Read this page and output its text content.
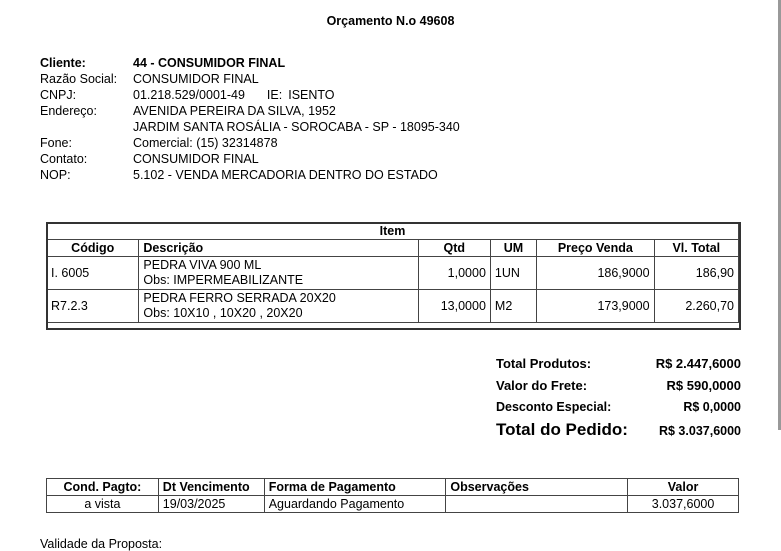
Orçamento N.o 49608
Cliente:	44 - CONSUMIDOR FINAL
Razão Social:	CONSUMIDOR FINAL
CNPJ:	01.218.529/0001-49 IE: ISENTO
Endereço:	AVENIDA PEREIRA DA SILVA, 1952
JARDIM SANTA ROSÁLIA - SOROCABA - SP - 18095-340
Fone:	Comercial: (15) 32314878
Contato:	CONSUMIDOR FINAL
NOP:	5.102 - VENDA MERCADORIA DENTRO DO ESTADO
Item					
Código	Descrição	Qtd	UM	Preço Venda	Vl. Total
I. 6005	PEDRA VIVA 900 ML
Obs: IMPERMEABILIZANTE	1,0000	1UN	186,9000	186,90
R7.2.3	PEDRA FERRO SERRADA 20X20
Obs: 10X10 , 10X20 , 20X20	13,0000	M2	173,9000	2.260,70
Total Produtos:	R$ 2.447,6000
Valor do Frete:	R$ 590,0000
Desconto Especial:	R$ 0,0000
Total do Pedido: R$ 3.037,6000
Cond. Pagto:	Dt Vencimento	Forma de Pagamento	Observações	Valor
a vista	19/03/2025	Aguardando Pagamento		3.037,6000
Validade da Proposta:
